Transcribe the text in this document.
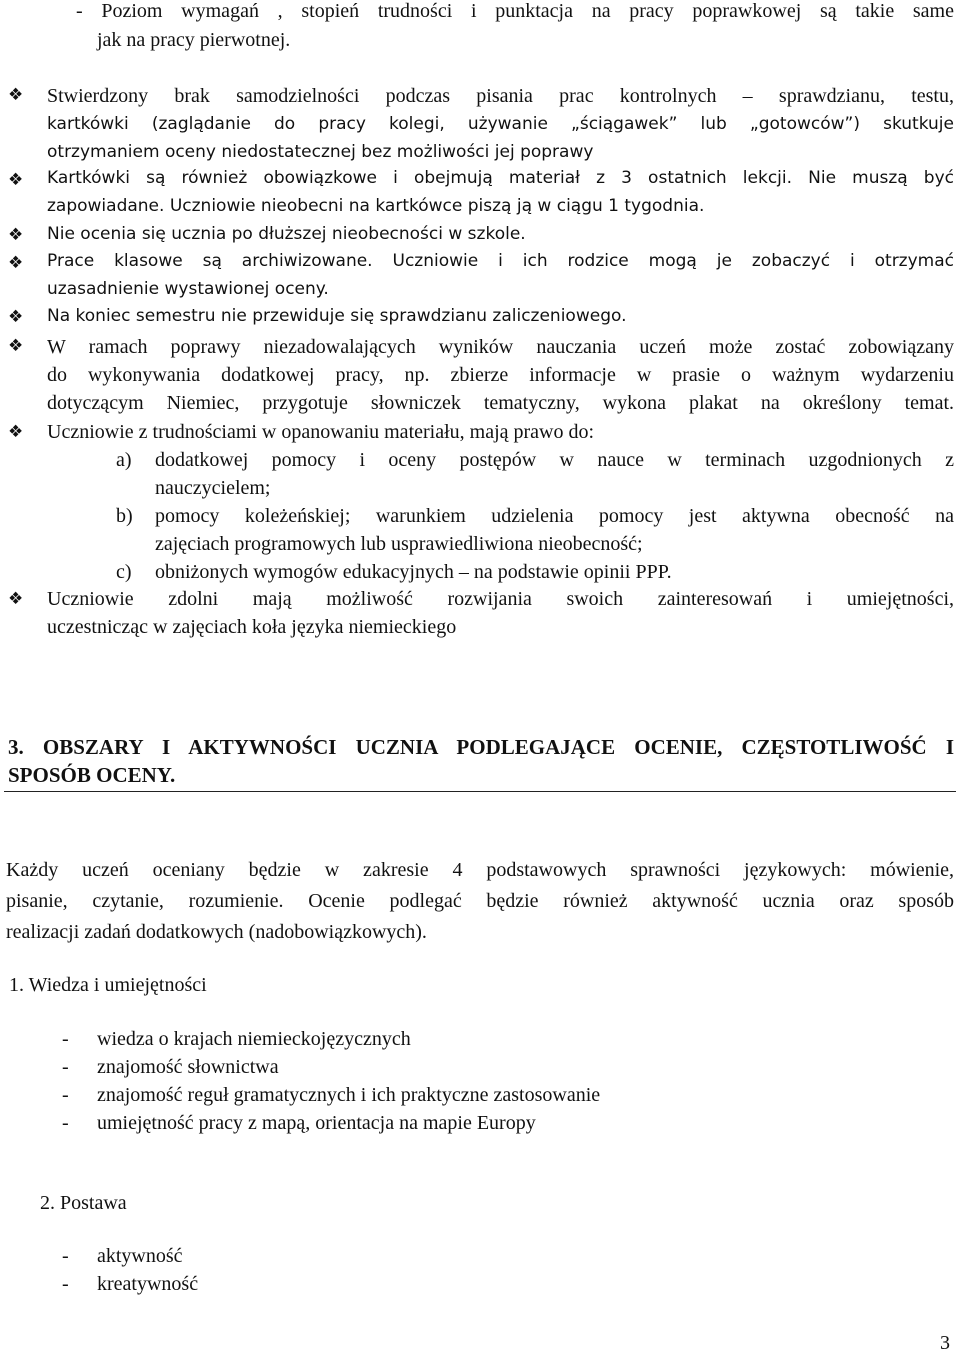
- Poziom wymagań , stopień trudności i punktacja na pracy poprawkowej są takie same
jak na pracy pierwotnej.
❖ Stwierdzony brak samodzielności podczas pisania prac kontrolnych – sprawdzianu, testu,
kartkówki (zaglądanie do pracy kolegi, używanie „ściągawek” lub „gotowców”) skutkuje
otrzymaniem oceny niedostatecznej bez możliwości jej poprawy
❖ Kartkówki są również obowiązkowe i obejmują materiał z 3 ostatnich lekcji. Nie muszą być
zapowiadane. Uczniowie nieobecni na kartkówce piszą ją w ciągu 1 tygodnia.
❖ Nie ocenia się ucznia po dłuższej nieobecności w szkole.
❖ Prace klasowe są archiwizowane. Uczniowie i ich rodzice mogą je zobaczyć i otrzymać
uzasadnienie wystawionej oceny.
❖ Na koniec semestru nie przewiduje się sprawdzianu zaliczeniowego.
❖ W ramach poprawy niezadowalających wyników nauczania uczeń może zostać zobowiązany
do wykonywania dodatkowej pracy, np. zbierze informacje w prasie o ważnym wydarzeniu
dotyczącym Niemiec, przygotuje słowniczek tematyczny, wykona plakat na określony temat.
❖ Uczniowie z trudnościami w opanowaniu materiału, mają prawo do:
a) dodatkowej pomocy i oceny postępów w nauce w terminach uzgodnionych z
nauczycielem;
b) pomocy koleżeńskiej; warunkiem udzielenia pomocy jest aktywna obecność na
zajęciach programowych lub usprawiedliwiona nieobecność;
c) obniżonych wymogów edukacyjnych – na podstawie opinii PPP.
❖ Uczniowie zdolni mają możliwość rozwijania swoich zainteresowań i umiejętności,
uczestnicząc w zajęciach koła języka niemieckiego
3. OBSZARY I AKTYWNOŚCI UCZNIA PODLEGAJĄCE OCENIE, CZĘSTOTLIWOŚĆ I
SPOSÓB OCENY.
Każdy uczeń oceniany będzie w zakresie 4 podstawowych sprawności językowych: mówienie,
pisanie, czytanie, rozumienie. Ocenie podlegać będzie również aktywność ucznia oraz sposób
realizacji zadań dodatkowych (nadobowiązkowych).
1. Wiedza i umiejętności
- wiedza o krajach niemieckojęzycznych
- znajomość słownictwa
- znajomość reguł gramatycznych i ich praktyczne zastosowanie
- umiejętność pracy z mapą, orientacja na mapie Europy
2. Postawa
- aktywność
- kreatywność
3
